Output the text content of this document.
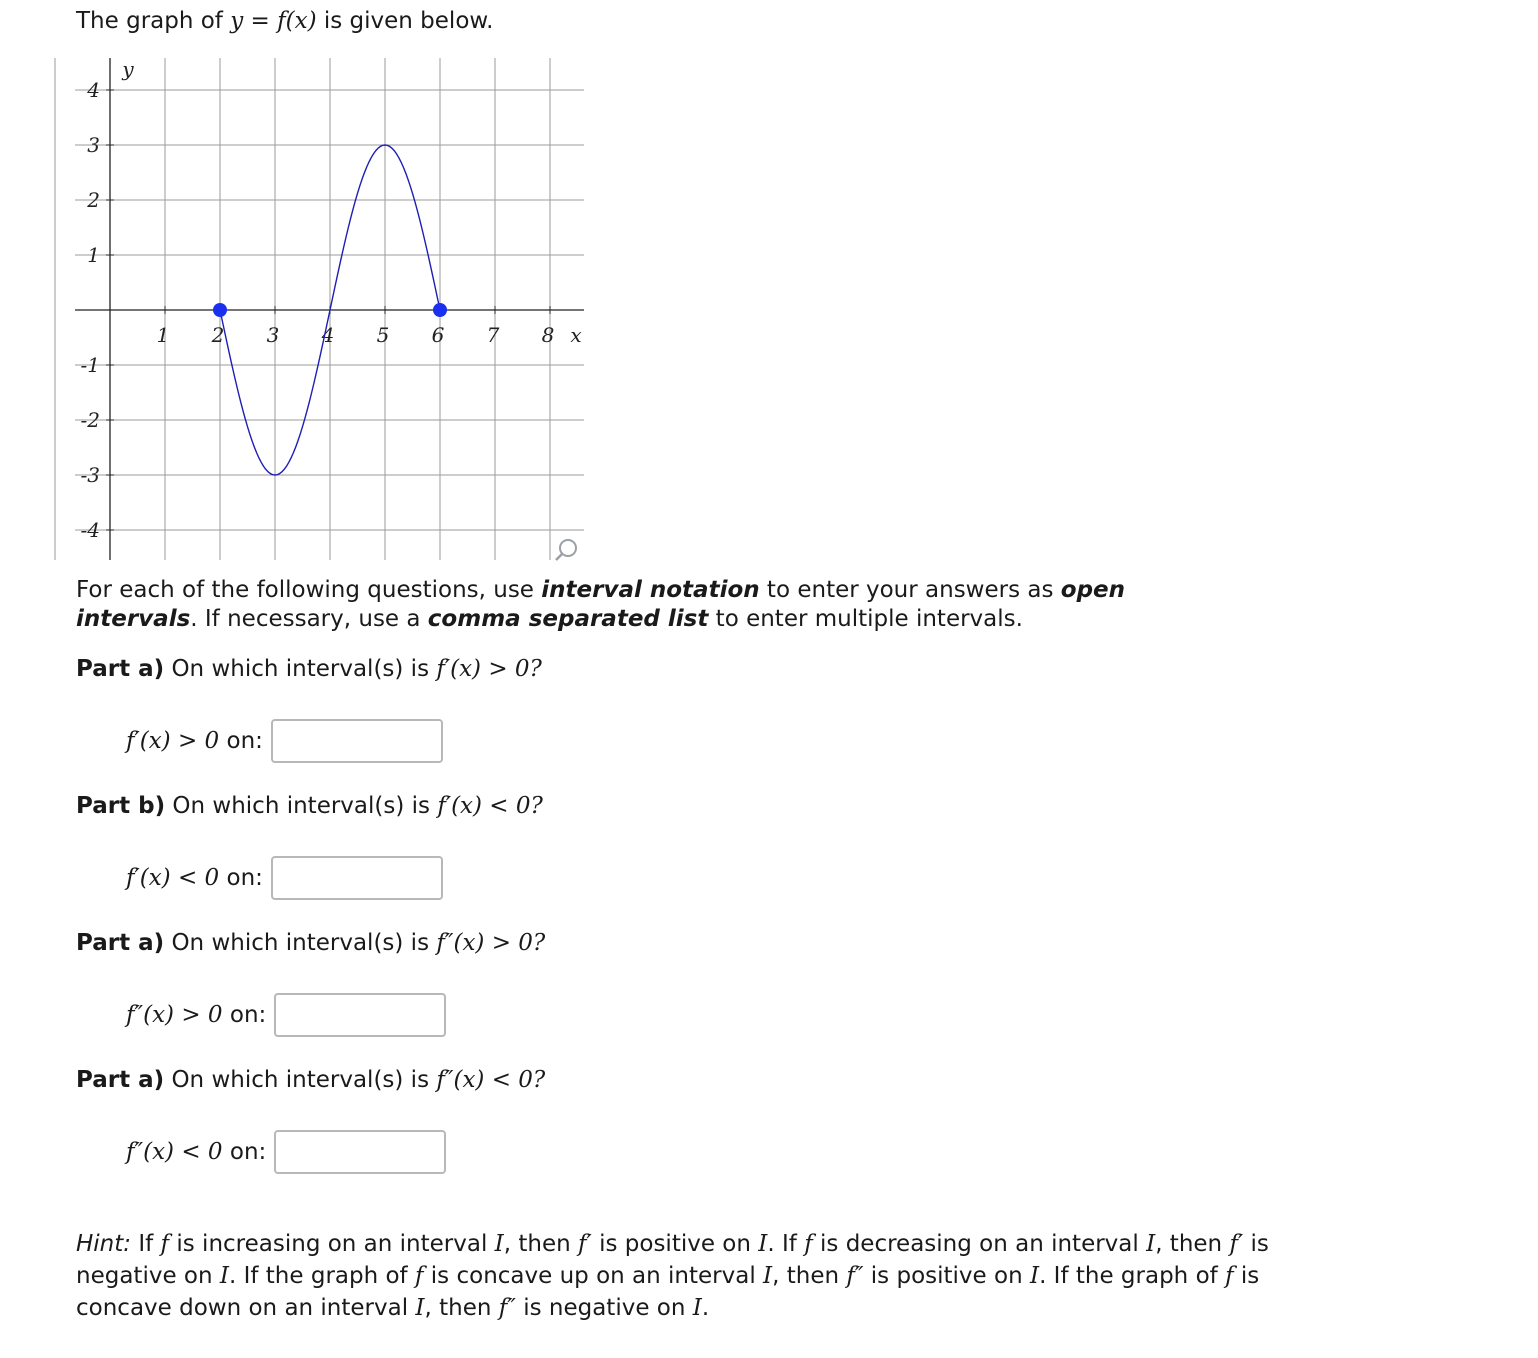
The graph of y = f(x) is given below.
1 2 3 4 5 6 7 8 x
4
3
2
1
-1
-2
-3
-4
y
For each of the following questions, use interval notation to enter your answers as open intervals. If necessary, use a comma separated list to enter multiple intervals.
Part a) On which interval(s) is f′(x) > 0?
f′(x) > 0 on:
Part b) On which interval(s) is f′(x) < 0?
f′(x) < 0 on:
Part a) On which interval(s) is f″(x) > 0?
f″(x) > 0 on:
Part a) On which interval(s) is f″(x) < 0?
f″(x) < 0 on:
Hint: If f is increasing on an interval I, then f′ is positive on I. If f is decreasing on an interval I, then f′ is negative on I. If the graph of f is concave up on an interval I, then f″ is positive on I. If the graph of f is concave down on an interval I, then f″ is negative on I.
